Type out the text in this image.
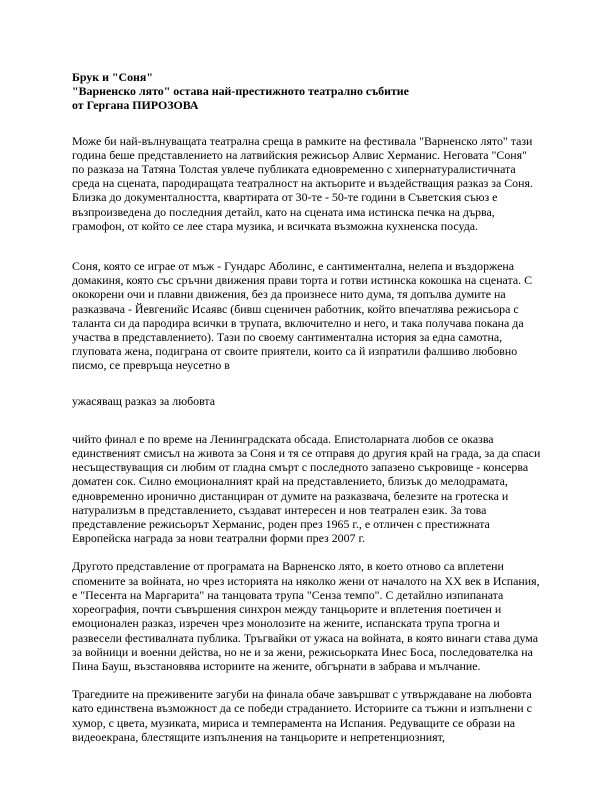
Брук и "Соня"
"Варненско лято" остава най-престижното театрално събитие
от Гергана ПИРОЗОВА

Може би най-вълнуващата театрална среща в рамките на фестивала "Варненско лято" тази година беше представлението на латвийския режисьор Алвис Херманис. Неговата "Соня" по разказа на Татяна Толстая увлече публиката едновременно с хипернатуралистичната среда на сцената, пародиращата театралност на актьорите и въздействащия разказ за Соня. Близка до документалността, квартирата от 30-те - 50-те години в Съветския съюз е възпроизведена до последния детайл, като на сцената има истинска печка на дърва, грамофон, от който се лее стара музика, и всичката възможна кухненска посуда.

Соня, която се играе от мъж - Гундарс Аболинс, е сантиментална, нелепа и въздоржена домакиня, която със сръчни движения прави торта и готви истинска кокошка на сцената. С ококорени очи и плавни движения, без да произнесе нито дума, тя допълва думите на разказвача - Йевгенийс Исаявс (бивш сценичен работник, който впечатлява режисьора с таланта си да пародира всички в трупата, включително и него, и така получава покана да участва в представлението). Тази по своему сантиментална история за една самотна, глуповата жена, подиграна от своите приятели, които са й изпратили фалшиво любовно писмо, се превръща неусетно в

ужасяващ разказ за любовта

чийто финал е по време на Ленинградската обсада. Епистоларната любов се оказва единственият смисъл на живота за Соня и тя се отправя до другия край на града, за да спаси несъществуващия си любим от гладна смърт с последното запазено съкровище - консерва доматен сок. Силно емоционалният край на представлението, близък до мелодрамата, едновременно иронично дистанциран от думите на разказвача, белезите на гротеска и натурализъм в представлението, създават интересен и нов театрален език. За това представление режисьорът Херманис, роден през 1965 г., е отличен с престижната Европейска награда за нови театрални форми през 2007 г.

Другото представление от програмата на Варненско лято, в което отново са вплетени спомените за войната, но чрез историята на няколко жени от началото на XX век в Испания, е "Песента на Маргарита" на танцовата трупа "Сенза темпо". С детайлно изпипаната хореография, почти съвършения синхрон между танцьорите и вплетения поетичен и емоционален разказ, изречен чрез монолозите на жените, испанската трупа трогна и развесели фестивалната публика. Тръгвайки от ужаса на войната, в която винаги става дума за войници и военни действа, но не и за жени, режисьорката Инес Боса, последователка на Пина Бауш, възстановява историите на жените, обгърнати в забрава и мълчание.

Трагедиите на преживените загуби на финала обаче завършват с утвърждаване на любовта като единствена възможност да се победи страданието. Историите са тъжни и изпълнени с хумор, с цвета, музиката, мириса и темпераментa на Испания. Редуващите се образи на видеоекрана, блестящите изпълнения на танцьорите и непретенциозният,
